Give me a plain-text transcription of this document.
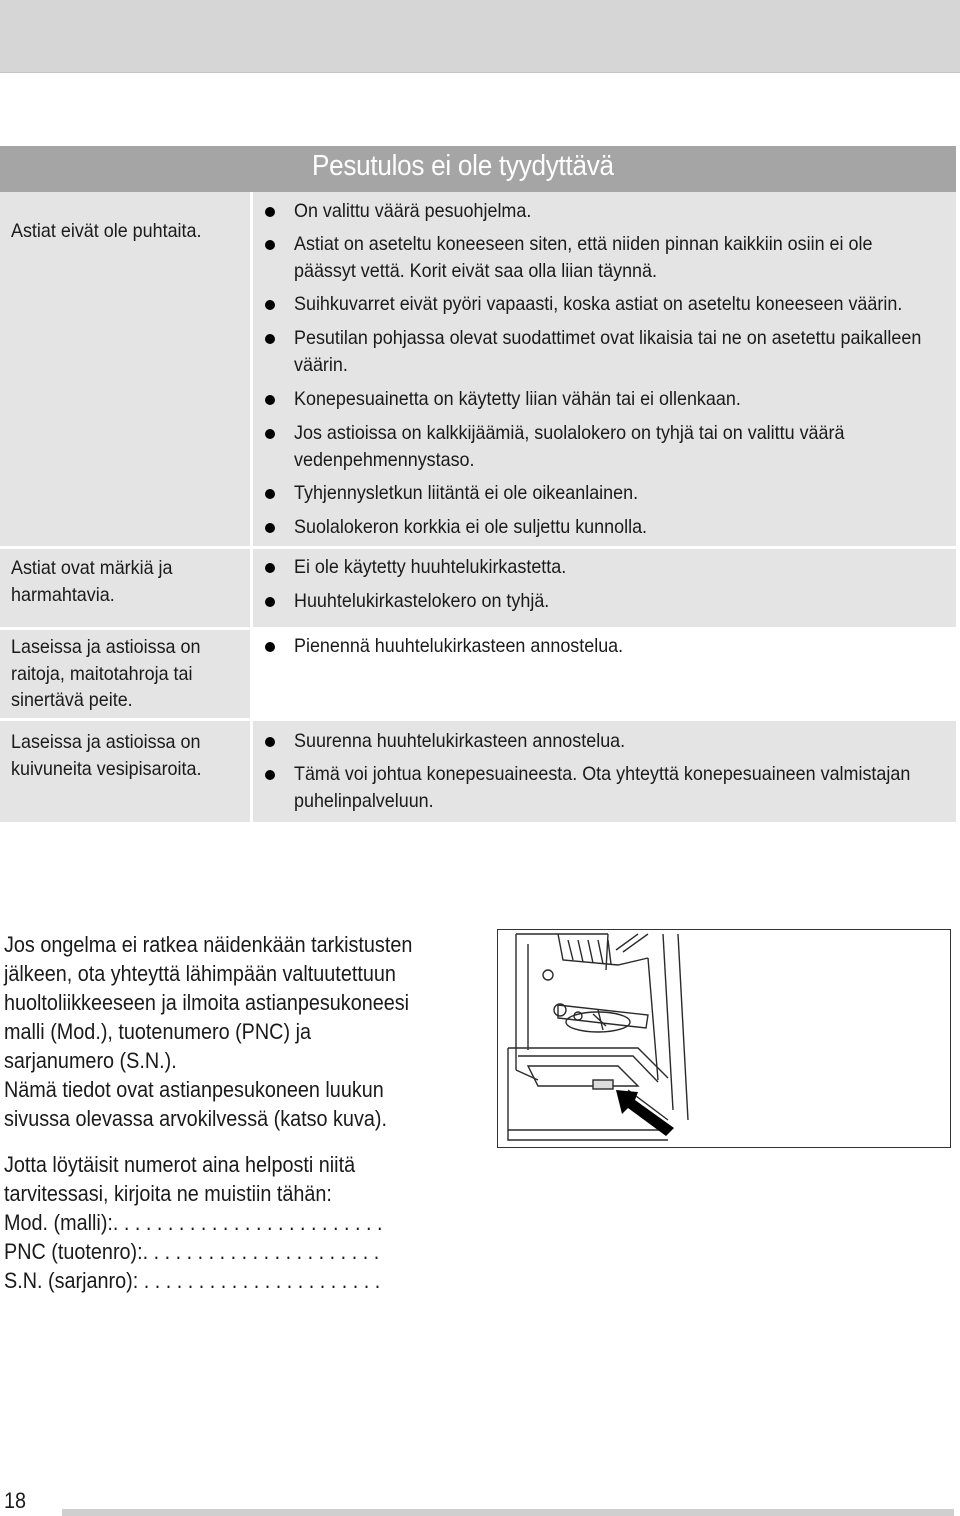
Pesutulos ei ole tyydyttävä
Astiat eivät ole puhtaita.
Astiat ovat märkiä ja harmahtavia.
Laseissa ja astioissa on raitoja, maitotahroja tai sinertävä peite.
Laseissa ja astioissa on kuivuneita vesipisaroita.
On valittu väärä pesuohjelma.
Astiat on aseteltu koneeseen siten, että niiden pinnan kaikkiin osiin ei ole päässyt vettä. Korit eivät saa olla liian täynnä.
Suihkuvarret eivät pyöri vapaasti, koska astiat on aseteltu koneeseen väärin.
Pesutilan pohjassa olevat suodattimet ovat likaisia tai ne on asetettu paikalleen väärin.
Konepesuainetta on käytetty liian vähän tai ei ollenkaan.
Jos astioissa on kalkkijäämiä, suolalokero on tyhjä tai on valittu väärä vedenpehmennystaso.
Tyhjennysletkun liitäntä ei ole oikeanlainen.
Suolalokeron korkkia ei ole suljettu kunnolla.
Ei ole käytetty huuhtelukirkastetta.
Huuhtelukirkastelokero on tyhjä.
Pienennä huuhtelukirkasteen annostelua.
Suurenna huuhtelukirkasteen annostelua.
Tämä voi johtua konepesuaineesta. Ota yhteyttä konepesuaineen valmistajan puhelinpalveluun.
Jos ongelma ei ratkea näidenkään tarkistusten
jälkeen, ota yhteyttä lähimpään valtuutettuun
huoltoliikkeeseen ja ilmoita astianpesukoneesi
malli (Mod.), tuotenumero (PNC) ja
sarjanumero (S.N.).
Nämä tiedot ovat astianpesukoneen luukun
sivussa olevassa arvokilvessä (katso kuva).
Jotta löytäisit numerot aina helposti niitä
tarvitessasi, kirjoita ne muistiin tähän:
Mod. (malli):. . . . . . . . . . . . . . . . . . . . . . . . .
PNC (tuotenro):. . . . . . . . . . . . . . . . . . . . . .
S.N. (sarjanro): . . . . . . . . . . . . . . . . . . . . . .
18
